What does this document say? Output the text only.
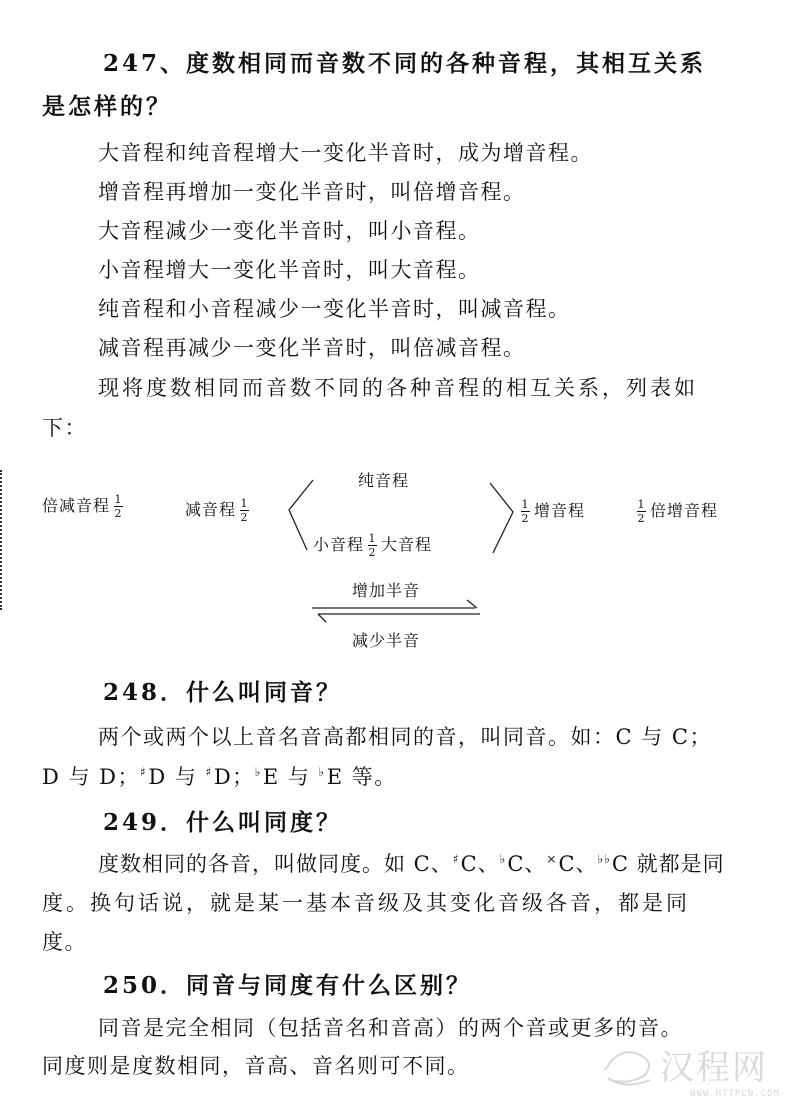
247、度数相同而音数不同的各种音程，其相互关系
是怎样的？
大音程和纯音程增大一变化半音时，成为增音程。
增音程再增加一变化半音时，叫倍增音程。
大音程减少一变化半音时，叫小音程。
小音程增大一变化半音时，叫大音程。
纯音程和小音程减少一变化半音时，叫减音程。
减音程再减少一变化半音时，叫倍减音程。
现将度数相同而音数不同的各种音程的相互关系，列表如
下：
倍减音程 $\frac{1}{2}$	减音程 $\frac{1}{2}$
纯音程
小音程 $\frac{1}{2}$ 大音程
$\frac{1}{2}$ 增音程	$\frac{1}{2}$ 倍增音程
增加半音
减少半音
248．什么叫同音？
两个或两个以上音名音高都相同的音，叫同音。如：C 与 C；
D 与 D；♯D 与 ♯D；♭E 与 ♭E 等。
249．什么叫同度？
度数相同的各音，叫做同度。如 C、♯C、♭C、×C、♭♭C 就都是同
度。换句话说，就是某一基本音级及其变化音级各音，都是同
度。
250．同音与同度有什么区别？
同音是完全相同（包括音名和音高）的两个音或更多的音。
同度则是度数相同，音高、音名则可不同。	汉程网
WWW.HTTPCN.COM
